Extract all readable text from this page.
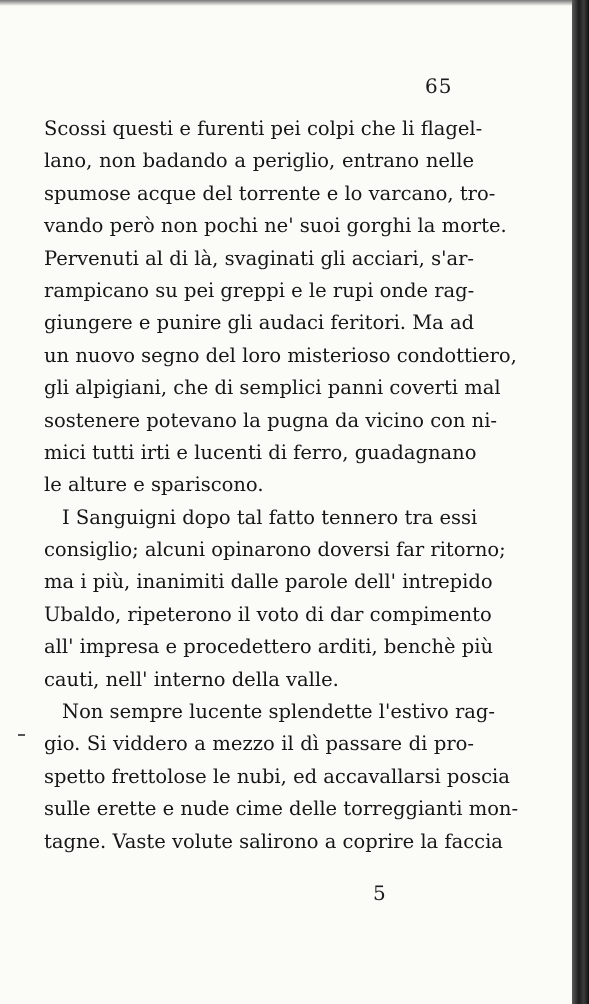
65
Scossi questi e furenti pei colpi che li flagel-
lano, non badando a periglio, entrano nelle
spumose acque del torrente e lo varcano, tro-
vando però non pochi ne' suoi gorghi la morte.
Pervenuti al di là, svaginati gli acciari, s'ar-
rampicano su pei greppi e le rupi onde rag-
giungere e punire gli audaci feritori. Ma ad
un nuovo segno del loro misterioso condottiero,
gli alpigiani, che di semplici panni coverti mal
sostenere potevano la pugna da vicino con ni-
mici tutti irti e lucenti di ferro, guadagnano
le alture e spariscono.
I Sanguigni dopo tal fatto tennero tra essi
consiglio; alcuni opinarono doversi far ritorno;
ma i più, inanimiti dalle parole dell' intrepido
Ubaldo, ripeterono il voto di dar compimento
all' impresa e procedettero arditi, benchè più
cauti, nell' interno della valle.
Non sempre lucente splendette l'estivo rag-
gio. Si viddero a mezzo il dì passare di pro-
spetto frettolose le nubi, ed accavallarsi poscia
sulle erette e nude cime delle torreggianti mon-
tagne. Vaste volute salirono a coprire la faccia
5
